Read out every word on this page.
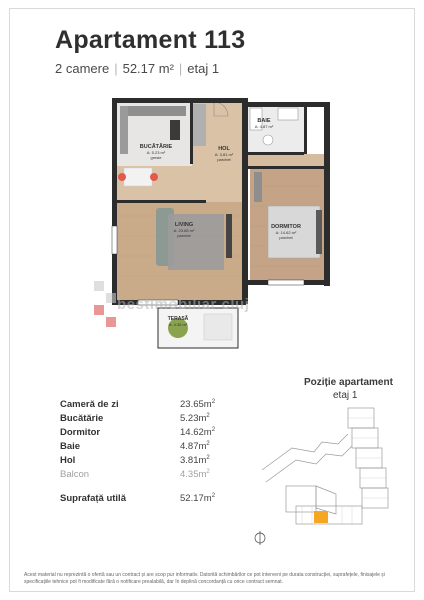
Apartament 113
2 camere | 52.17 m² | etaj 1
BUCĂTĂRIE
A: 5.23 m²
gresie
HOL
A: 3.81 m²
parchet
BAIE
A: 4.87 m²
LIVING
A: 23.65 m²
parchet
DORMITOR
A: 14.62 m²
parchet
TERASĂ
A: 4.35 m²
bestimobiliar cluj
Poziție apartament
etaj 1
Cameră de zi	$23.65m^2$
Bucătărie	$5.23m^2$
Dormitor	$14.62m^2$
Baie	$4.87m^2$
Hol	$3.81m^2$
Balcon	$4.35m^2$
Suprafață utilă	$52.17m^2$
Acest material nu reprezintă o ofertă sau un contract și are scop pur informativ. Datorită schimbărilor ce pot interveni pe durata construcției, suprafețele, finisajele și specificațiile tehnice pot fi modificate fără o notificare prealabilă, dar în deplină concordanță cu orice contract semnat.
